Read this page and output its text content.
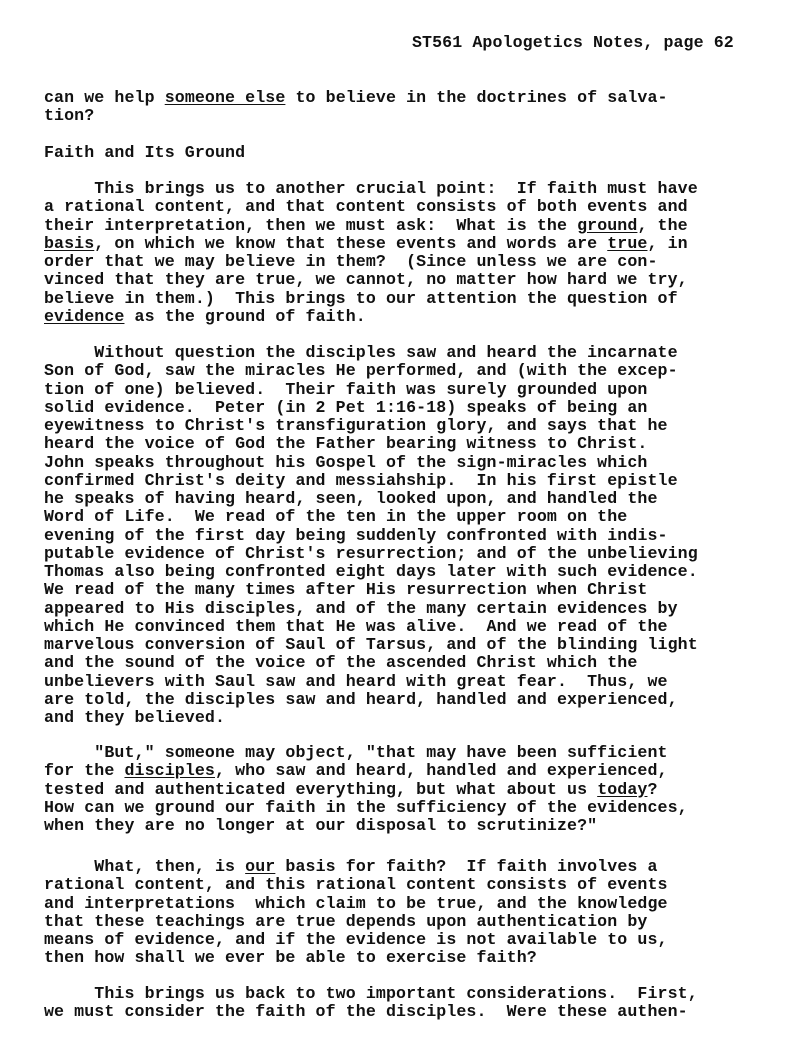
ST561 Apologetics Notes, page 62
can we help someone else to believe in the doctrines of salva-
tion?
Faith and Its Ground
This brings us to another crucial point:  If faith must have
a rational content, and that content consists of both events and
their interpretation, then we must ask:  What is the ground, the
basis, on which we know that these events and words are true, in
order that we may believe in them?  (Since unless we are con-
vinced that they are true, we cannot, no matter how hard we try,
believe in them.)  This brings to our attention the question of
evidence as the ground of faith.
Without question the disciples saw and heard the incarnate
Son of God, saw the miracles He performed, and (with the excep-
tion of one) believed.  Their faith was surely grounded upon
solid evidence.  Peter (in 2 Pet 1:16-18) speaks of being an
eyewitness to Christ's transfiguration glory, and says that he
heard the voice of God the Father bearing witness to Christ.
John speaks throughout his Gospel of the sign-miracles which
confirmed Christ's deity and messiahship.  In his first epistle
he speaks of having heard, seen, looked upon, and handled the
Word of Life.  We read of the ten in the upper room on the
evening of the first day being suddenly confronted with indis-
putable evidence of Christ's resurrection; and of the unbelieving
Thomas also being confronted eight days later with such evidence.
We read of the many times after His resurrection when Christ
appeared to His disciples, and of the many certain evidences by
which He convinced them that He was alive.  And we read of the
marvelous conversion of Saul of Tarsus, and of the blinding light
and the sound of the voice of the ascended Christ which the
unbelievers with Saul saw and heard with great fear.  Thus, we
are told, the disciples saw and heard, handled and experienced,
and they believed.
"But," someone may object, "that may have been sufficient
for the disciples, who saw and heard, handled and experienced,
tested and authenticated everything, but what about us today?
How can we ground our faith in the sufficiency of the evidences,
when they are no longer at our disposal to scrutinize?"
What, then, is our basis for faith?  If faith involves a
rational content, and this rational content consists of events
and interpretations  which claim to be true, and the knowledge
that these teachings are true depends upon authentication by
means of evidence, and if the evidence is not available to us,
then how shall we ever be able to exercise faith?
This brings us back to two important considerations.  First,
we must consider the faith of the disciples.  Were these authen-
